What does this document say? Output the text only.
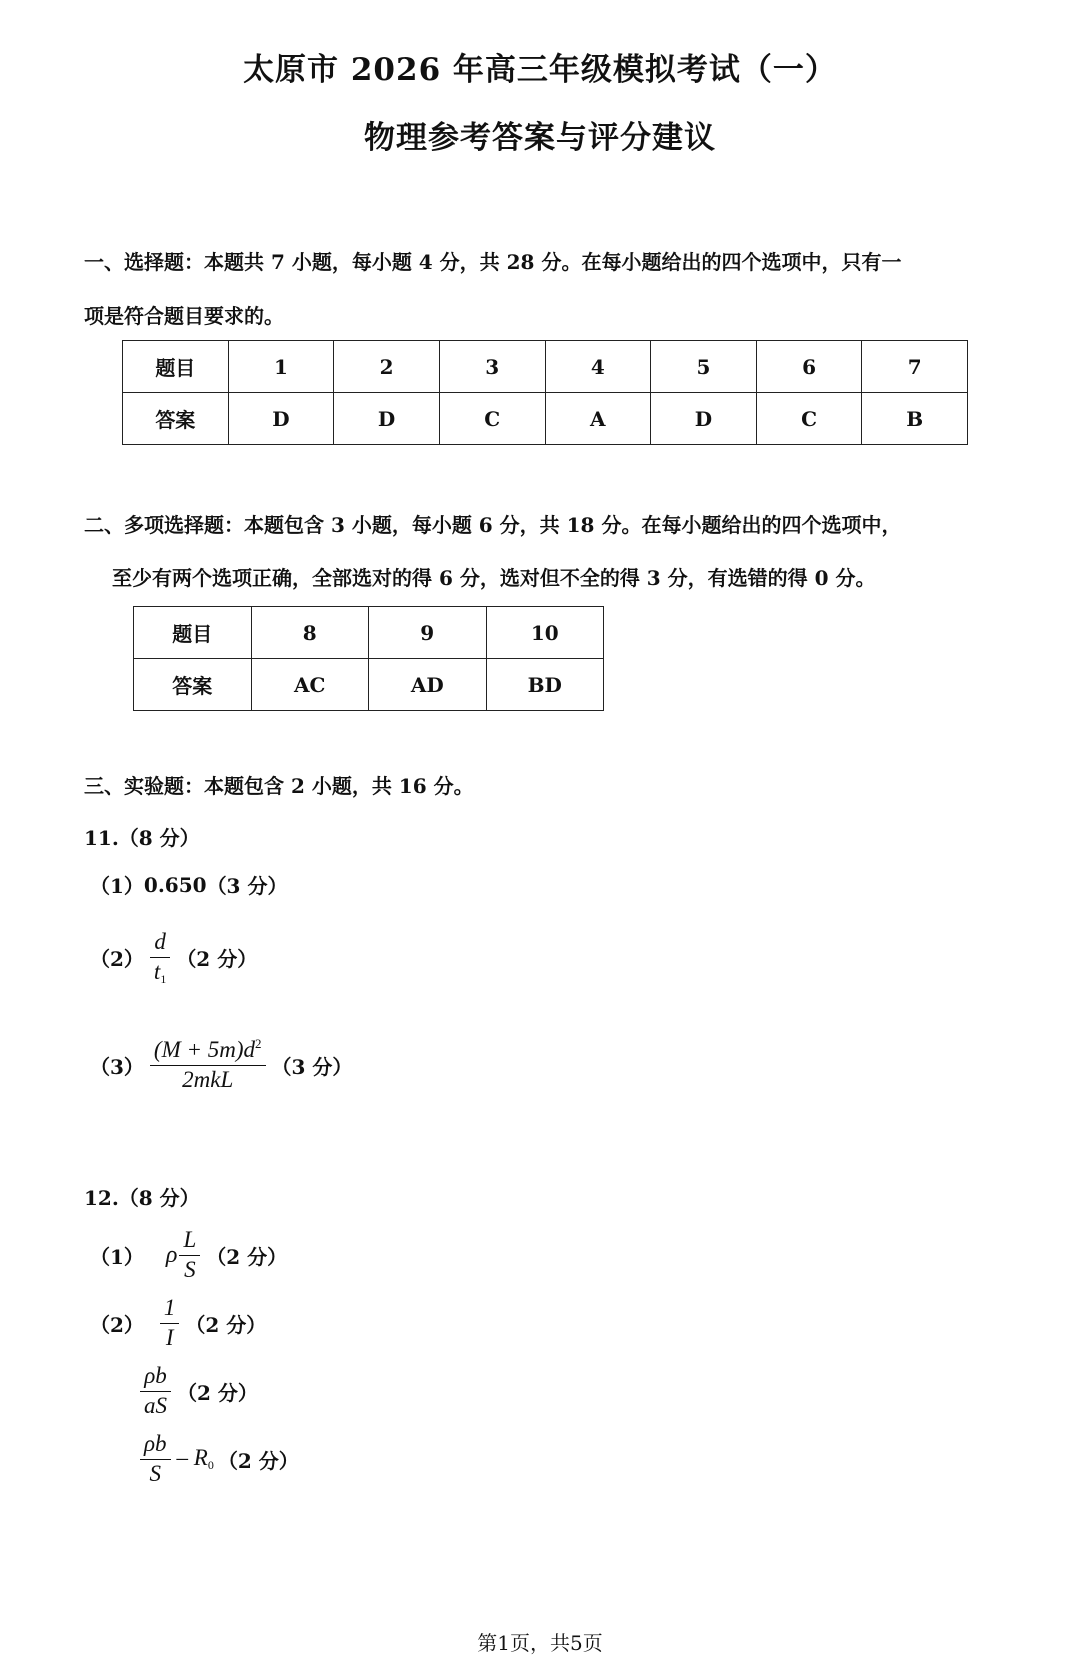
太原市 2026 年高三年级模拟考试（一）
物理参考答案与评分建议
一、选择题：本题共 7 小题，每小题 4 分，共 28 分。在每小题给出的四个选项中，只有一
项是符合题目要求的。
题目	1	2	3	4	5	6	7
答案	D	D	C	A	D	C	B
二、多项选择题：本题包含 3 小题，每小题 6 分，共 18 分。在每小题给出的四个选项中，
至少有两个选项正确，全部选对的得 6 分，选对但不全的得 3 分，有选错的得 0 分。
题目	8	9	10
答案	AC	AD	BD
三、实验题：本题包含 2 小题，共 16 分。
11.（8 分）
（1） 0.650 （3 分）
$(2) \frac{d}{t_1} (2$ 分）
$(3) \frac{(M + 5m)d^2}{\text{2mkL}} (3$ 分）
12.（8 分）
（1） ρ $\frac{L}{S} (2$ 分）
$(2) \frac{1}{I} (2$ 分）
$\frac{\rho b}{aS} (2$ 分）
$\frac{\rho b}{S} - R_0$ （2 分）
第1页，共5页
